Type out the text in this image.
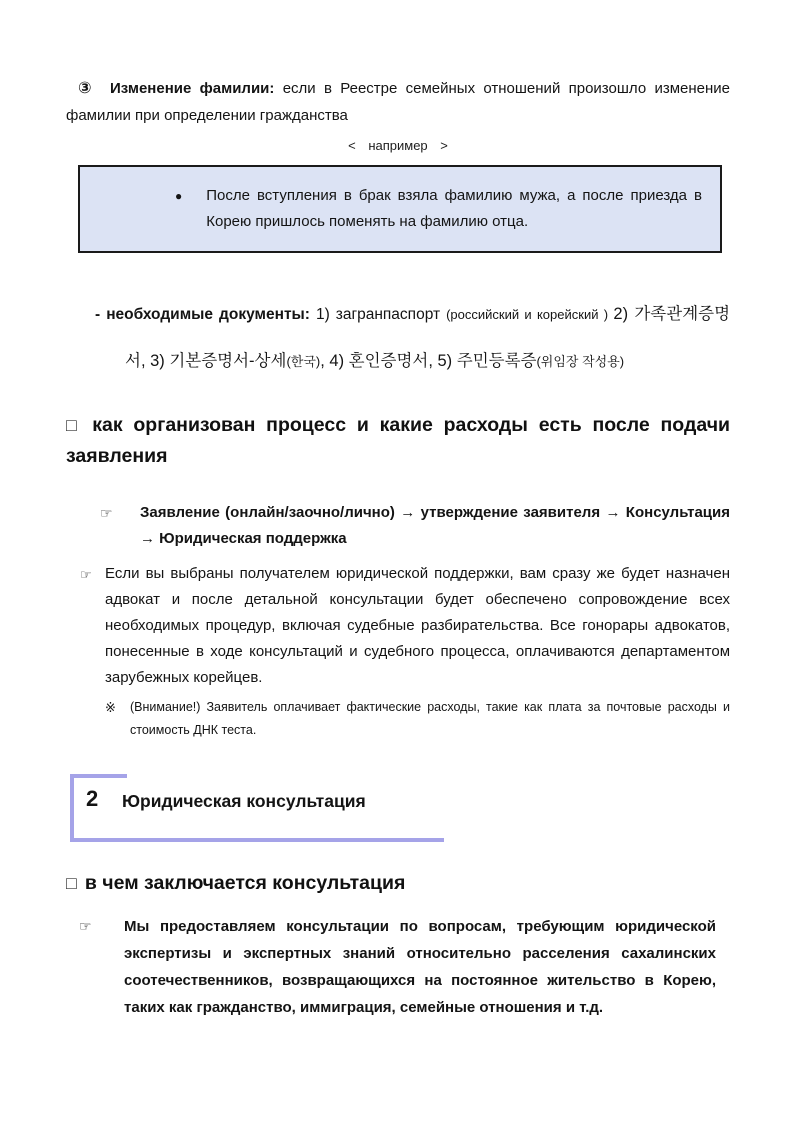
③ Изменение фамилии: если в Реестре семейных отношений произошло изменение фамилии при определении гражданства

< например >
● После вступления в брак взяла фамилию мужа, а после приезда в Корею пришлось поменять на фамилию отца.

- необходимые документы: 1) загранпаспорт (российский и корейский ) 2) 가족관계증명서, 3) 기본증명서-상세(한국), 4) 혼인증명서, 5) 주민등록증(위임장 작성용)

□ как организован процесс и какие расходы есть после подачи заявления
☞ Заявление (онлайн/заочно/лично) → утверждение заявителя → Консультация → Юридическая поддержка

☞ Если вы выбраны получателем юридической поддержки, вам сразу же будет назначен адвокат и после детальной консультации будет обеспечено сопровождение всех необходимых процедур, включая судебные разбирательства. Все гонорары адвокатов, понесенные в ходе консультаций и судебного процесса, оплачиваются департаментом зарубежных корейцев.

※ (Внимание!) Заявитель оплачивает фактические расходы, такие как плата за почтовые расходы и стоимость ДНК теста.

2 Юридическая консультация
□ в чем заключается консультация
☞ Мы предоставляем консультации по вопросам, требующим юридической экспертизы и экспертных знаний относительно расселения сахалинских соотечественников, возвращающихся на постоянное жительство в Корею, таких как гражданство, иммиграция, семейные отношения и т.д.
